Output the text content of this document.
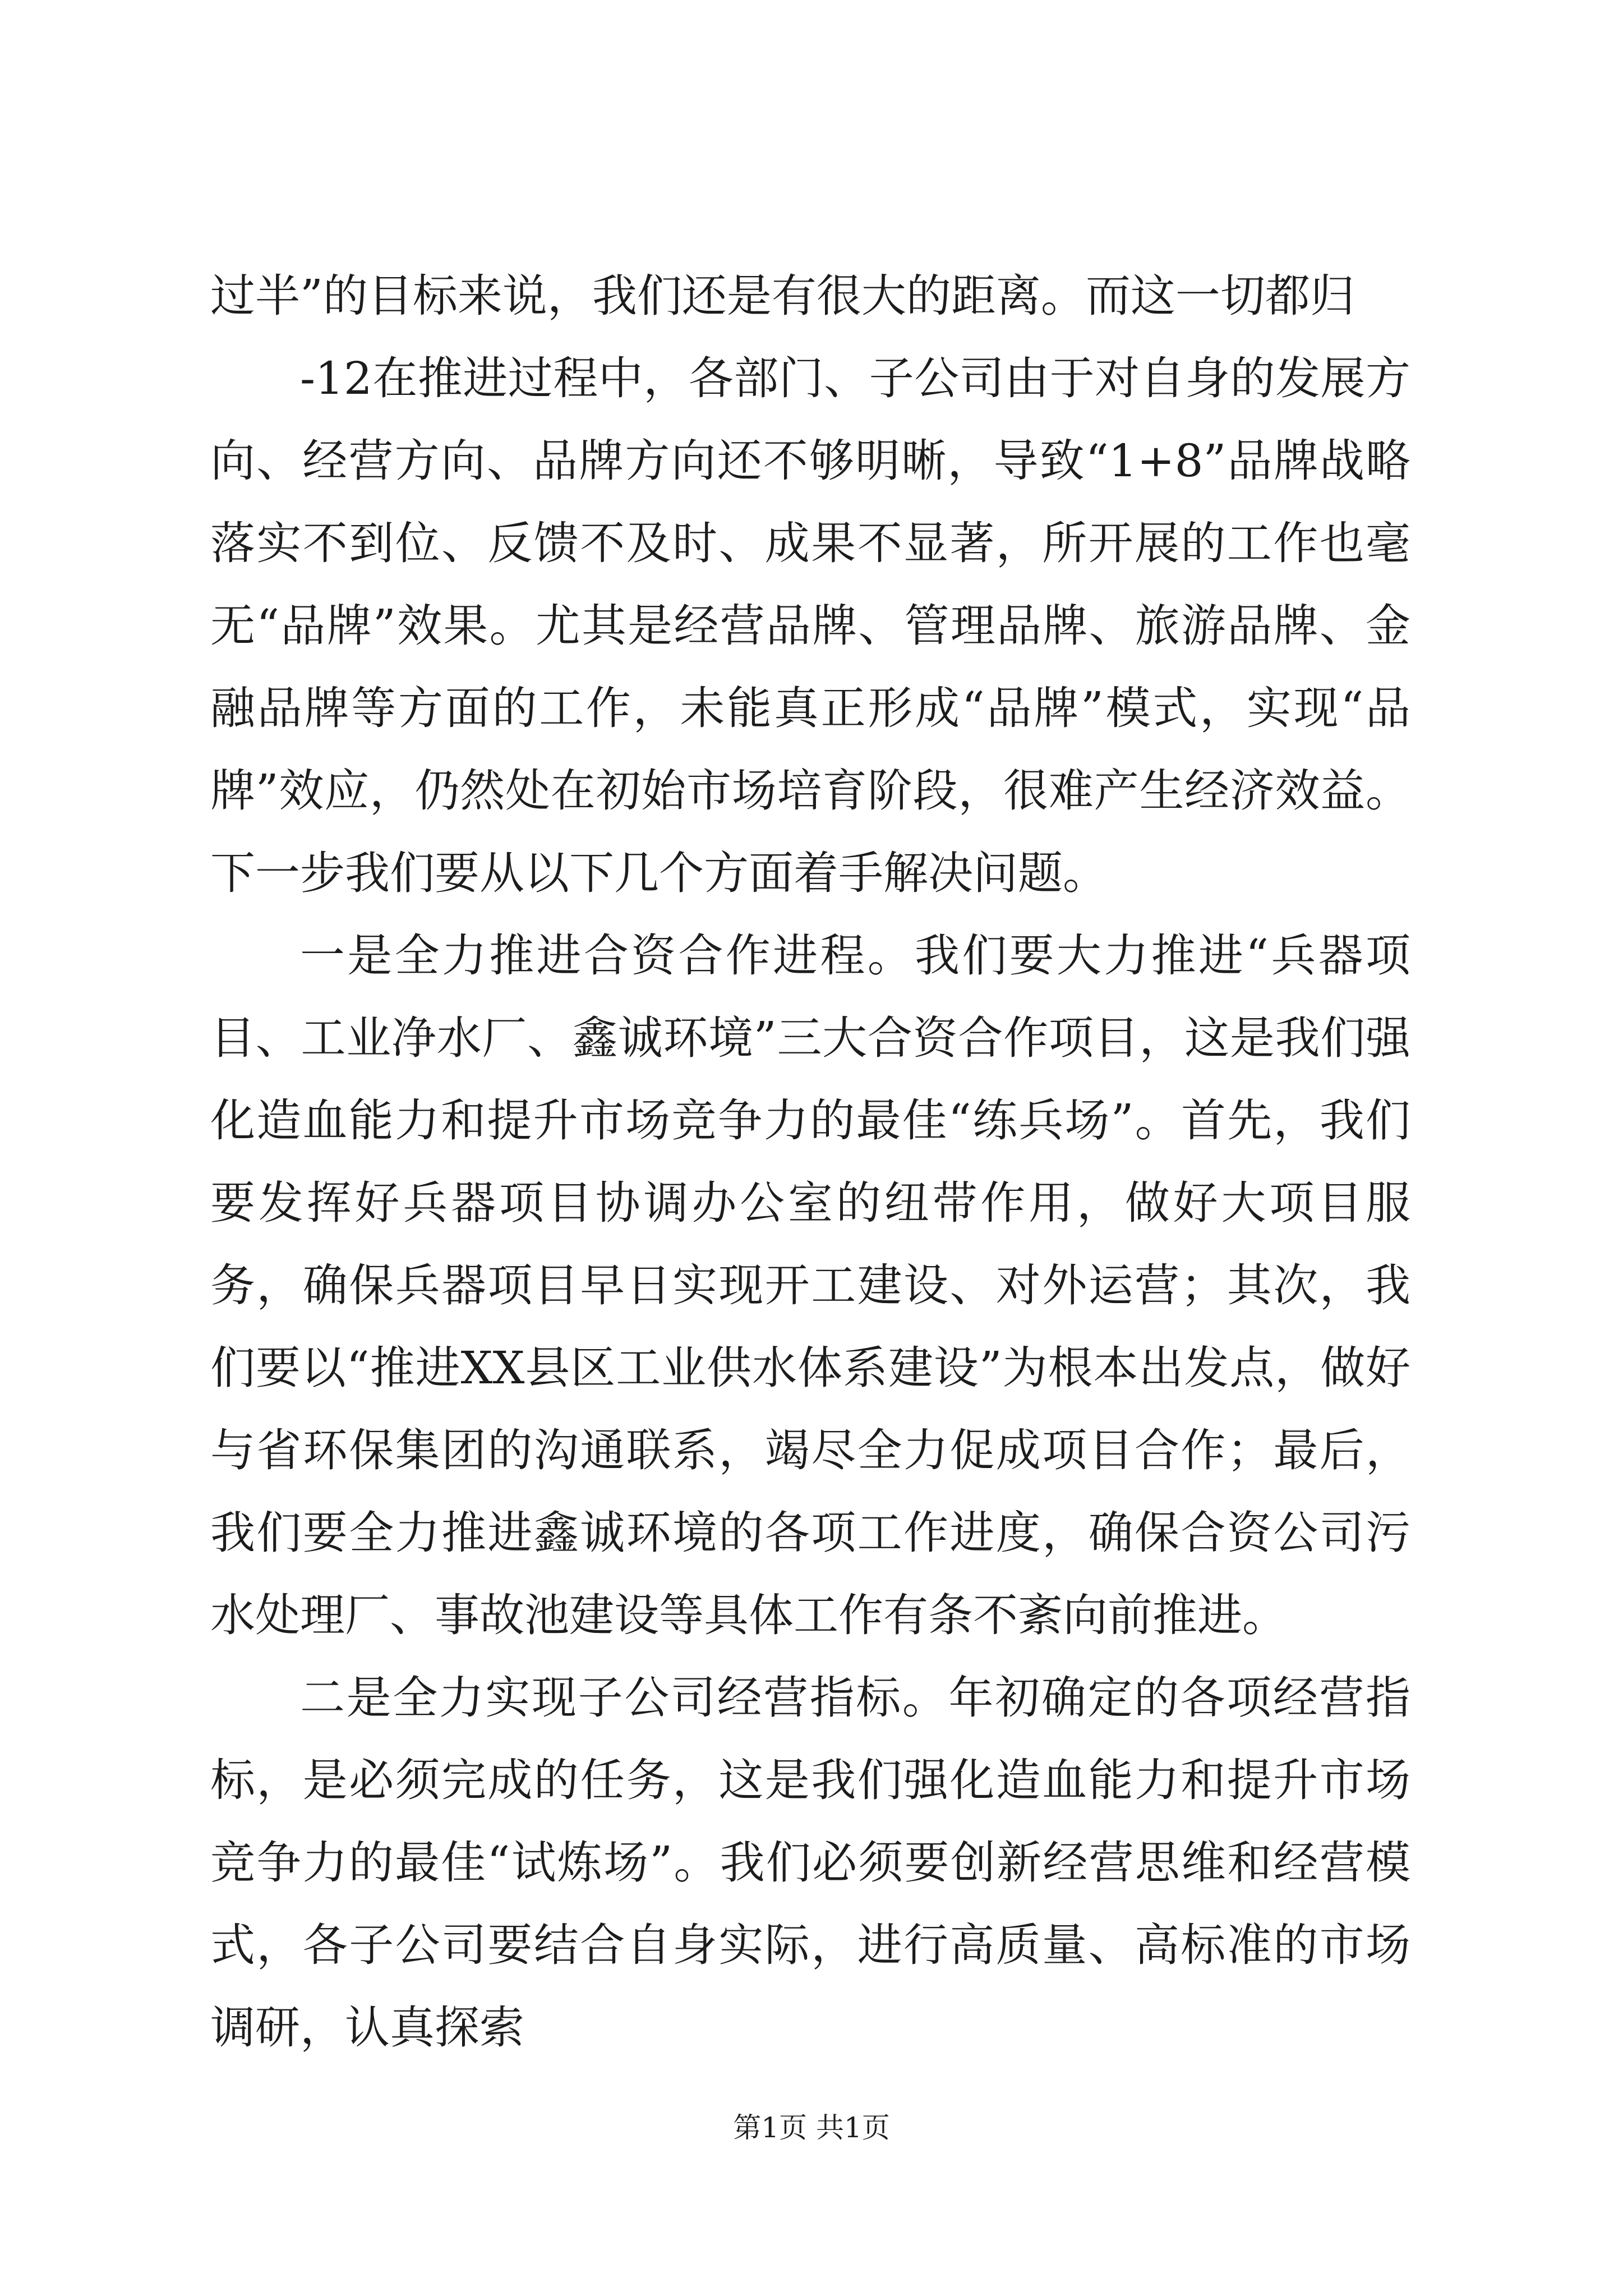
过半”的目标来说，我们还是有很大的距离。而这一切都归

-12在推进过程中，各部门、子公司由于对自身的发展方向、经营方向、品牌方向还不够明晰，导致“1+8”品牌战略落实不到位、反馈不及时、成果不显著，所开展的工作也毫无“品牌”效果。尤其是经营品牌、管理品牌、旅游品牌、金融品牌等方面的工作，未能真正形成“品牌”模式，实现“品牌”效应，仍然处在初始市场培育阶段，很难产生经济效益。下一步我们要从以下几个方面着手解决问题。

一是全力推进合资合作进程。我们要大力推进“兵器项目、工业净水厂、鑫诚环境”三大合资合作项目，这是我们强化造血能力和提升市场竞争力的最佳“练兵场”。首先，我们要发挥好兵器项目协调办公室的纽带作用，做好大项目服务，确保兵器项目早日实现开工建设、对外运营；其次，我们要以“推进XX县区工业供水体系建设”为根本出发点，做好与省环保集团的沟通联系，竭尽全力促成项目合作；最后，我们要全力推进鑫诚环境的各项工作进度，确保合资公司污水处理厂、事故池建设等具体工作有条不紊向前推进。

二是全力实现子公司经营指标。年初确定的各项经营指标，是必须完成的任务，这是我们强化造血能力和提升市场竞争力的最佳“试炼场”。我们必须要创新经营思维和经营模式，各子公司要结合自身实际，进行高质量、高标准的市场调研，认真探索

第1页 共1页
